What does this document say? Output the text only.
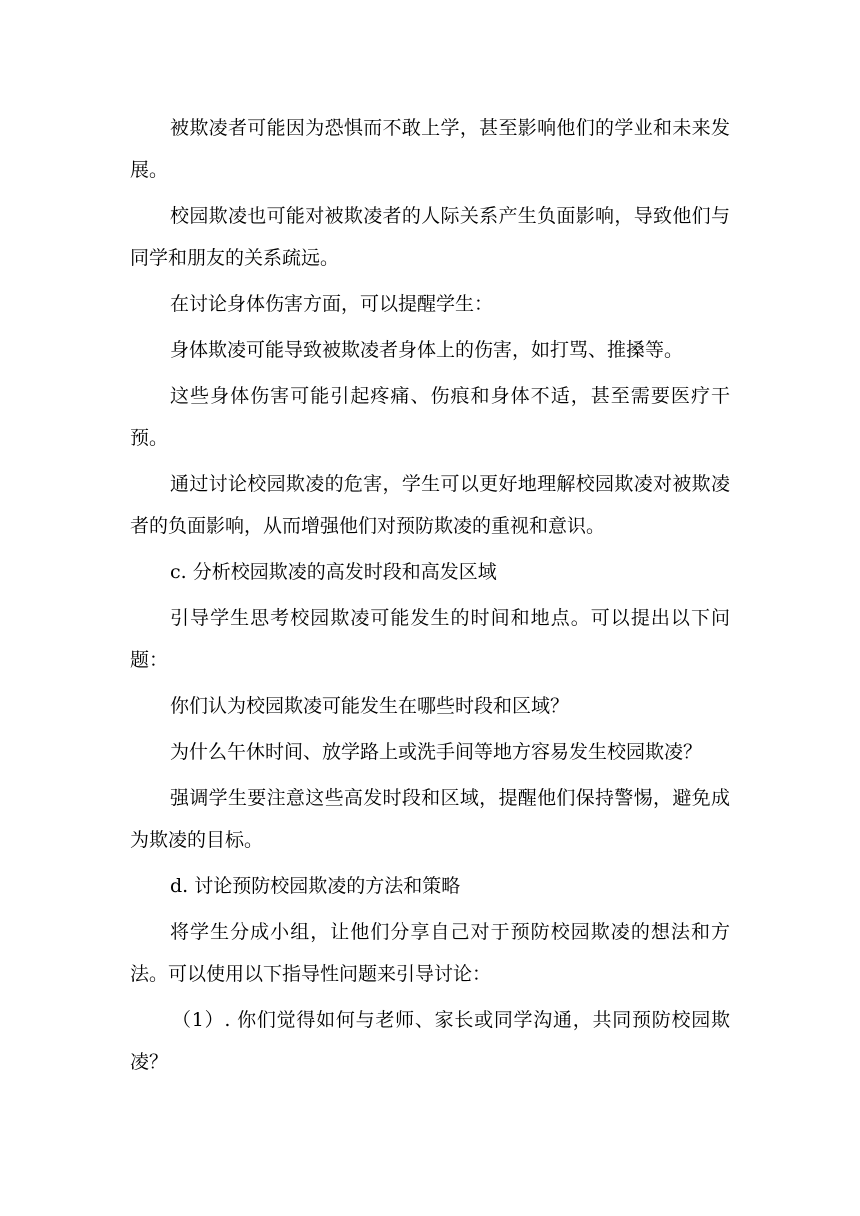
被欺凌者可能因为恐惧而不敢上学，甚至影响他们的学业和未来发展。

校园欺凌也可能对被欺凌者的人际关系产生负面影响，导致他们与同学和朋友的关系疏远。

在讨论身体伤害方面，可以提醒学生：

身体欺凌可能导致被欺凌者身体上的伤害，如打骂、推搡等。

这些身体伤害可能引起疼痛、伤痕和身体不适，甚至需要医疗干预。

通过讨论校园欺凌的危害，学生可以更好地理解校园欺凌对被欺凌者的负面影响，从而增强他们对预防欺凌的重视和意识。

c. 分析校园欺凌的高发时段和高发区域

引导学生思考校园欺凌可能发生的时间和地点。可以提出以下问题：

你们认为校园欺凌可能发生在哪些时段和区域？

为什么午休时间、放学路上或洗手间等地方容易发生校园欺凌？

强调学生要注意这些高发时段和区域，提醒他们保持警惕，避免成为欺凌的目标。

d. 讨论预防校园欺凌的方法和策略

将学生分成小组，让他们分享自己对于预防校园欺凌的想法和方法。可以使用以下指导性问题来引导讨论：

（1）. 你们觉得如何与老师、家长或同学沟通，共同预防校园欺凌？
